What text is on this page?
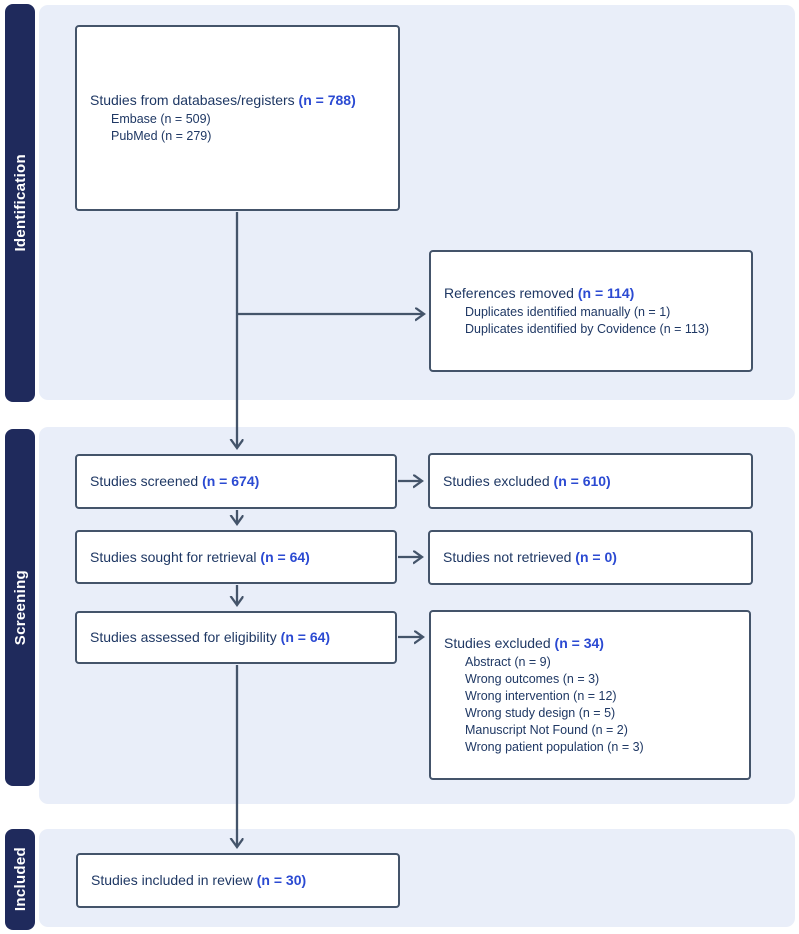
Identification
Screening
Included
Studies from databases/registers (n = 788)
Embase (n = 509)
PubMed (n = 279)
References removed (n = 114)
Duplicates identified manually (n = 1)
Duplicates identified by Covidence (n = 113)
Studies screened (n = 674)	Studies excluded (n = 610)
Studies sought for retrieval (n = 64)	Studies not retrieved (n = 0)
Studies assessed for eligibility (n = 64)	Studies excluded (n = 34)
Abstract (n = 9)
Wrong outcomes (n = 3)
Wrong intervention (n = 12)
Wrong study design (n = 5)
Manuscript Not Found (n = 2)
Wrong patient population (n = 3)
Studies included in review (n = 30)
